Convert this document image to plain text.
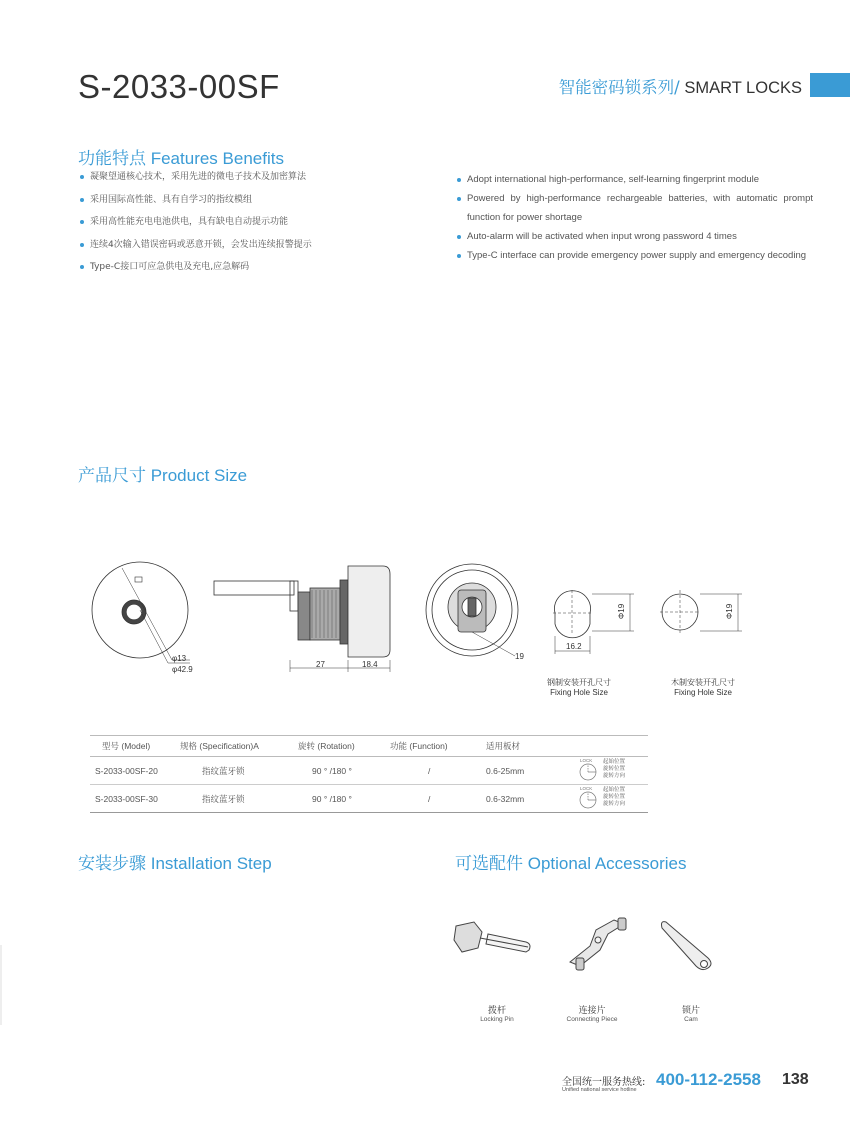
S-2033-00SF	智能密码锁系列/ SMART LOCKS
功能特点 Features Benefits
凝聚望通核心技术，采用先进的微电子技术及加密算法
采用国际高性能、具有自学习的指纹模组
采用高性能充电电池供电，具有缺电自动提示功能
连续4次输入错误密码或恶意开锁，会发出连续报警提示
Type-C接口可应急供电及充电,应急解码
Adopt international high-performance, self-learning fingerprint module
Powered by high-performance rechargeable batteries, with automatic prompt function for power shortage
Auto-alarm will be activated when input wrong password 4 times
Type-C interface can provide emergency power supply and emergency decoding
产品尺寸 Product Size
φ13
φ42.9
27	18.4
19
Φ19
16.2
Φ19
钢制安装开孔尺寸
Fixing Hole Size
木制安装开孔尺寸
Fixing Hole Size
型号 (Model)	规格 (Specification)A	旋转 (Rotation)	功能 (Function)	适用板材	
S-2033-00SF-20	指纹蓝牙锁	90 ° /180 °	/	0.6-25mm	LOCK 起始位置
旋转位置
旋转方向

S-2033-00SF-30	指纹蓝牙锁	90 ° /180 °	/	0.6-32mm	LOCK 起始位置
旋转位置
旋转方向
安装步骤 Installation Step	可选配件 Optional Accessories
拨杆
Locking Pin
连接片
Connecting Piece
锁片
Cam
全国统一服务热线:
Unified national service hotline
400-112-2558 138
